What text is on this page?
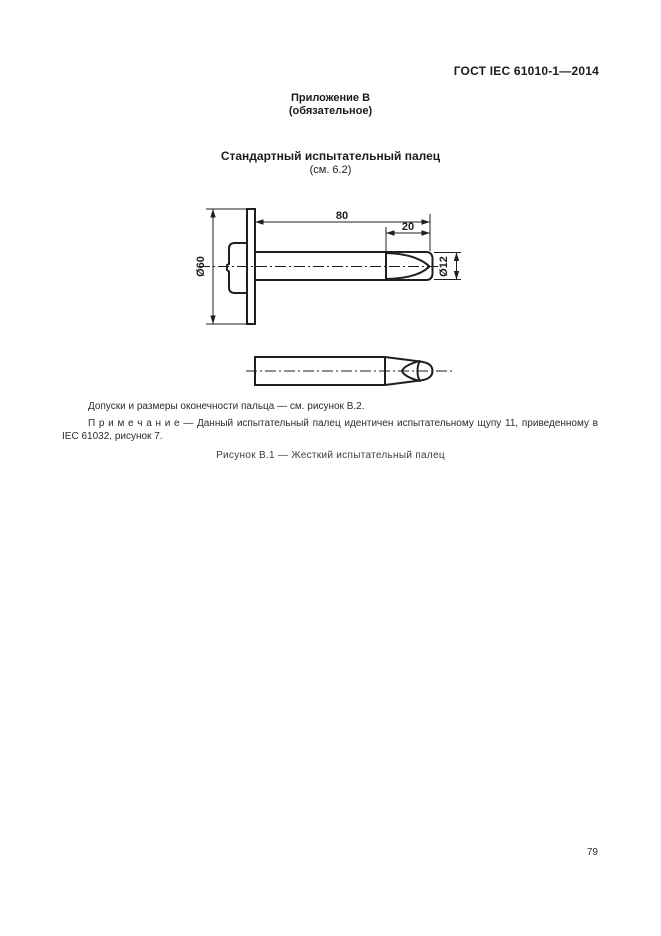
ГОСТ IEC 61010-1—2014
Приложение В
(обязательное)
Стандартный испытательный палец
(см. 6.2)
Ø60
80
20
Ø12
Допуски и размеры оконечности пальца — см. рисунок В.2.
П р и м е ч а н и е — Данный испытательный палец идентичен испытательному щупу 11, приведенному в IEC 61032, рисунок 7.
Рисунок В.1 — Жесткий испытательный палец
79
